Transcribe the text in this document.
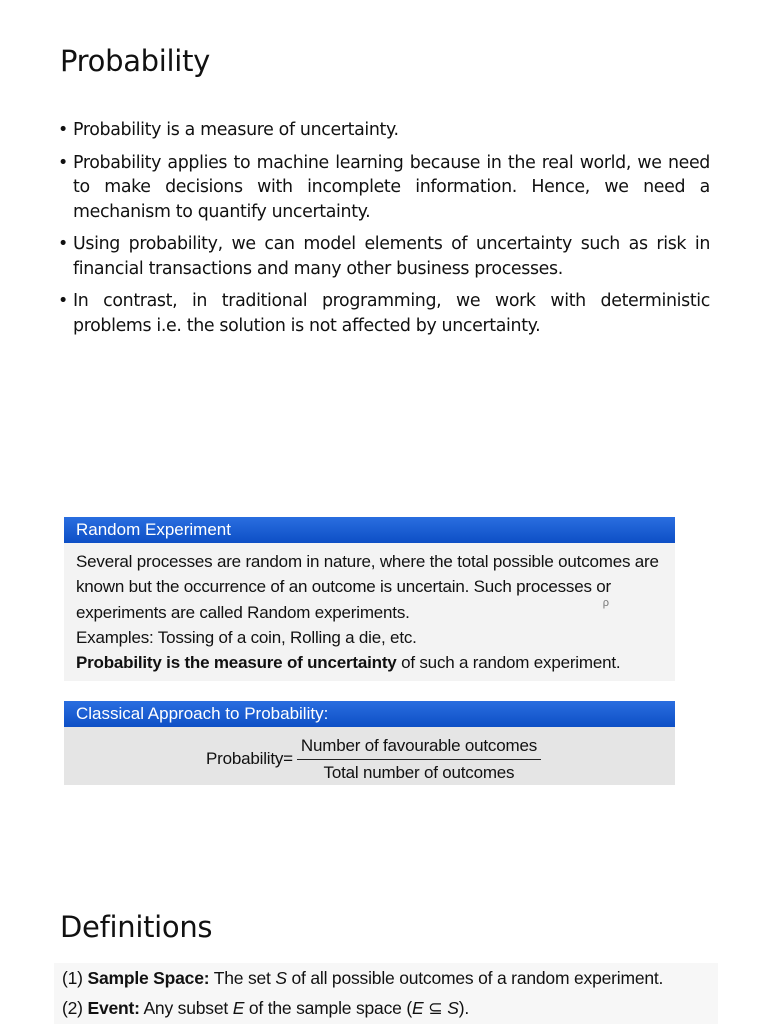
Probability
• Probability is a measure of uncertainty.
• Probability applies to machine learning because in the real world, we need to make decisions with incomplete information. Hence, we need a mechanism to quantify uncertainty.
• Using probability, we can model elements of uncertainty such as risk in financial transactions and many other business processes.
• In contrast, in traditional programming, we work with deterministic problems i.e. the solution is not affected by uncertainty.
Random Experiment

Several processes are random in nature, where the total possible outcomes are known but the occurrence of an outcome is uncertain. Such processes or experiments are called Random experiments.

Examples: Tossing of a coin, Rolling a die, etc.

Probability is the measure of uncertainty of such a random experiment.

ρ
Classical Approach to Probability:
Probability= $\frac{\text{Number of favourable outcomes}}{\text{Total number of outcomes}}$
Definitions
(1) Sample Space: The set S of all possible outcomes of a random experiment.
(2) Event: Any subset E of the sample space (E ⊆ S).
